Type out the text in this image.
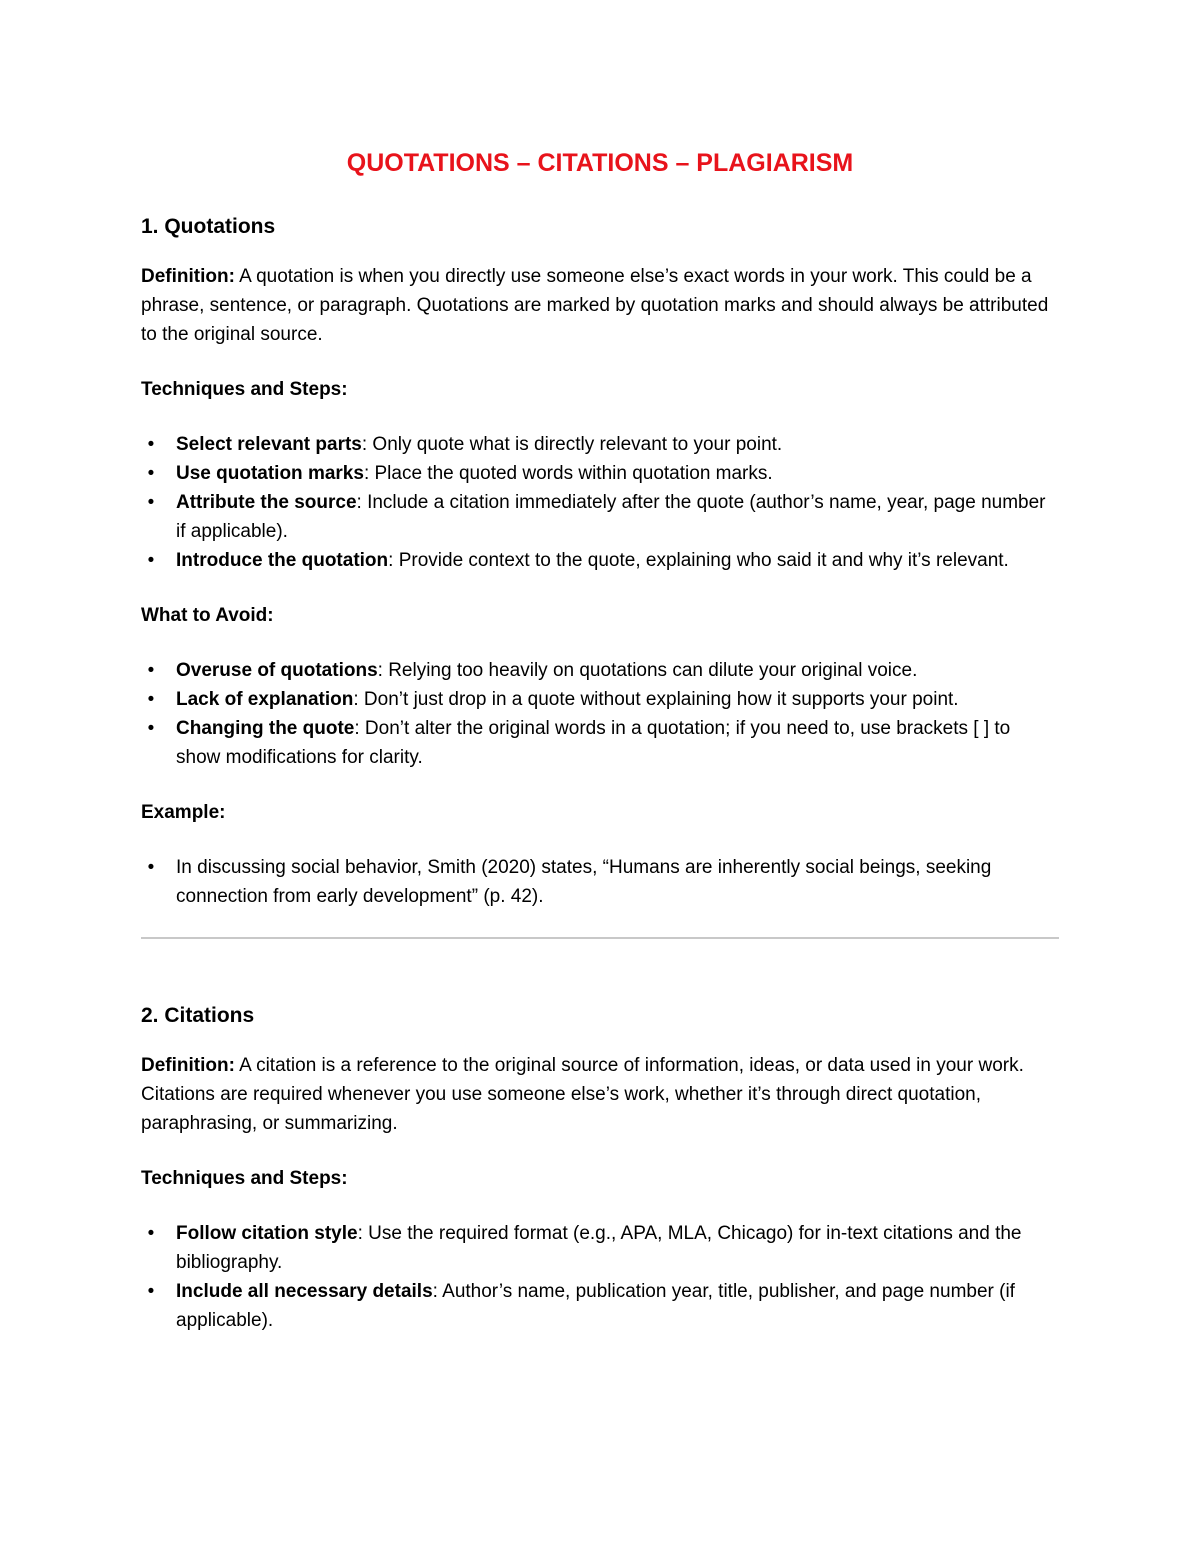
QUOTATIONS – CITATIONS – PLAGIARISM
1. Quotations

Definition: A quotation is when you directly use someone else’s exact words in your work. This could be a phrase, sentence, or paragraph. Quotations are marked by quotation marks and should always be attributed to the original source.

Techniques and Steps:
•	Select relevant parts: Only quote what is directly relevant to your point.
•	Use quotation marks: Place the quoted words within quotation marks.
•	Attribute the source: Include a citation immediately after the quote (author’s name, year, page number if applicable).
•	Introduce the quotation: Provide context to the quote, explaining who said it and why it’s relevant.
What to Avoid:
•	Overuse of quotations: Relying too heavily on quotations can dilute your original voice.
•	Lack of explanation: Don’t just drop in a quote without explaining how it supports your point.
•	Changing the quote: Don’t alter the original words in a quotation; if you need to, use brackets [ ] to show modifications for clarity.
Example:
•	In discussing social behavior, Smith (2020) states, “Humans are inherently social beings, seeking connection from early development” (p. 42).
2. Citations

Definition: A citation is a reference to the original source of information, ideas, or data used in your work. Citations are required whenever you use someone else’s work, whether it’s through direct quotation, paraphrasing, or summarizing.

Techniques and Steps:
•	Follow citation style: Use the required format (e.g., APA, MLA, Chicago) for in-text citations and the bibliography.
•	Include all necessary details: Author’s name, publication year, title, publisher, and page number (if applicable).
